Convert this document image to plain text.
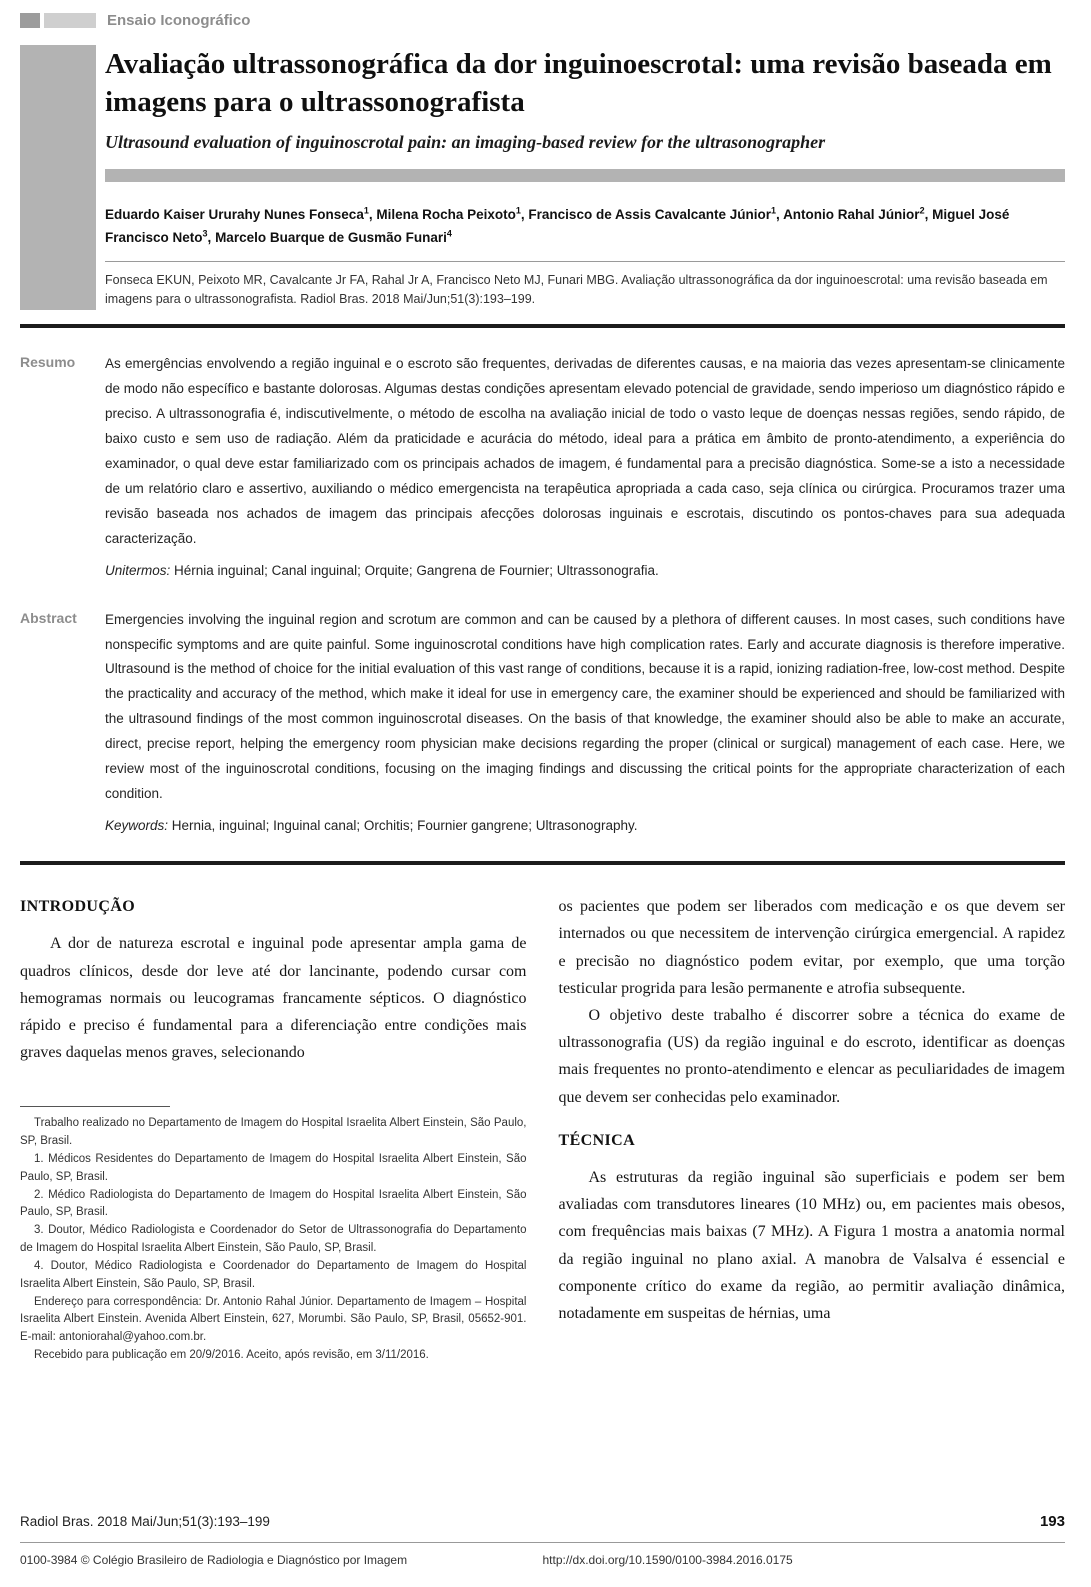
Ensaio Iconográfico
Avaliação ultrassonográfica da dor inguinoescrotal: uma revisão baseada em imagens para o ultrassonografista
Ultrasound evaluation of inguinoscrotal pain: an imaging-based review for the ultrasonographer
Eduardo Kaiser Ururahy Nunes Fonseca$^1$, Milena Rocha Peixoto$^1$, Francisco de Assis Cavalcante Júnior$^1$, Antonio Rahal Júnior$^2$, Miguel José Francisco Neto$^3$, Marcelo Buarque de Gusmão Funari$^4$
Fonseca EKUN, Peixoto MR, Cavalcante Jr FA, Rahal Jr A, Francisco Neto MJ, Funari MBG. Avaliação ultrassonográfica da dor inguinoescrotal: uma revisão baseada em imagens para o ultrassonografista. Radiol Bras. 2018 Mai/Jun;51(3):193–199.
Resumo	As emergências envolvendo a região inguinal e o escroto são frequentes, derivadas de diferentes causas, e na maioria das vezes apresentam-se clinicamente de modo não específico e bastante dolorosas. Algumas destas condições apresentam elevado potencial de gravidade, sendo imperioso um diagnóstico rápido e preciso. A ultrassonografia é, indiscutivelmente, o método de escolha na avaliação inicial de todo o vasto leque de doenças nessas regiões, sendo rápido, de baixo custo e sem uso de radiação. Além da praticidade e acurácia do método, ideal para a prática em âmbito de pronto-atendimento, a experiência do examinador, o qual deve estar familiarizado com os principais achados de imagem, é fundamental para a precisão diagnóstica. Some-se a isto a necessidade de um relatório claro e assertivo, auxiliando o médico emergencista na terapêutica apropriada a cada caso, seja clínica ou cirúrgica. Procuramos trazer uma revisão baseada nos achados de imagem das principais afecções dolorosas inguinais e escrotais, discutindo os pontos-chaves para sua adequada caracterização.
Unitermos: Hérnia inguinal; Canal inguinal; Orquite; Gangrena de Fournier; Ultrassonografia.
Abstract	Emergencies involving the inguinal region and scrotum are common and can be caused by a plethora of different causes. In most cases, such conditions have nonspecific symptoms and are quite painful. Some inguinoscrotal conditions have high complication rates. Early and accurate diagnosis is therefore imperative. Ultrasound is the method of choice for the initial evaluation of this vast range of conditions, because it is a rapid, ionizing radiation-free, low-cost method. Despite the practicality and accuracy of the method, which make it ideal for use in emergency care, the examiner should be experienced and should be familiarized with the ultrasound findings of the most common inguinoscrotal diseases. On the basis of that knowledge, the examiner should also be able to make an accurate, direct, precise report, helping the emergency room physician make decisions regarding the proper (clinical or surgical) management of each case. Here, we review most of the inguinoscrotal conditions, focusing on the imaging findings and discussing the critical points for the appropriate characterization of each condition.
Keywords: Hernia, inguinal; Inguinal canal; Orchitis; Fournier gangrene; Ultrasonography.
INTRODUÇÃO

A dor de natureza escrotal e inguinal pode apresentar ampla gama de quadros clínicos, desde dor leve até dor lancinante, podendo cursar com hemogramas normais ou leucogramas francamente sépticos. O diagnóstico rápido e preciso é fundamental para a diferenciação entre condições mais graves daquelas menos graves, selecionando

Trabalho realizado no Departamento de Imagem do Hospital Israelita Albert Einstein, São Paulo, SP, Brasil.

1. Médicos Residentes do Departamento de Imagem do Hospital Israelita Albert Einstein, São Paulo, SP, Brasil.

2. Médico Radiologista do Departamento de Imagem do Hospital Israelita Albert Einstein, São Paulo, SP, Brasil.

3. Doutor, Médico Radiologista e Coordenador do Setor de Ultrassonografia do Departamento de Imagem do Hospital Israelita Albert Einstein, São Paulo, SP, Brasil.

4. Doutor, Médico Radiologista e Coordenador do Departamento de Imagem do Hospital Israelita Albert Einstein, São Paulo, SP, Brasil.

Endereço para correspondência: Dr. Antonio Rahal Júnior. Departamento de Imagem – Hospital Israelita Albert Einstein. Avenida Albert Einstein, 627, Morumbi. São Paulo, SP, Brasil, 05652-901. E-mail: antoniorahal@yahoo.com.br.

Recebido para publicação em 20/9/2016. Aceito, após revisão, em 3/11/2016.

os pacientes que podem ser liberados com medicação e os que devem ser internados ou que necessitem de intervenção cirúrgica emergencial. A rapidez e precisão no diagnóstico podem evitar, por exemplo, que uma torção testicular progrida para lesão permanente e atrofia subsequente.

O objetivo deste trabalho é discorrer sobre a técnica do exame de ultrassonografia (US) da região inguinal e do escroto, identificar as doenças mais frequentes no pronto-atendimento e elencar as peculiaridades de imagem que devem ser conhecidas pelo examinador.

TÉCNICA

As estruturas da região inguinal são superficiais e podem ser bem avaliadas com transdutores lineares (10 MHz) ou, em pacientes mais obesos, com frequências mais baixas (7 MHz). A Figura 1 mostra a anatomia normal da região inguinal no plano axial. A manobra de Valsalva é essencial e componente crítico do exame da região, ao permitir avaliação dinâmica, notadamente em suspeitas de hérnias, uma

Radiol Bras. 2018 Mai/Jun;51(3):193–199	193
0100-3984 © Colégio Brasileiro de Radiologia e Diagnóstico por Imagem	http://dx.doi.org/10.1590/0100-3984.2016.0175
